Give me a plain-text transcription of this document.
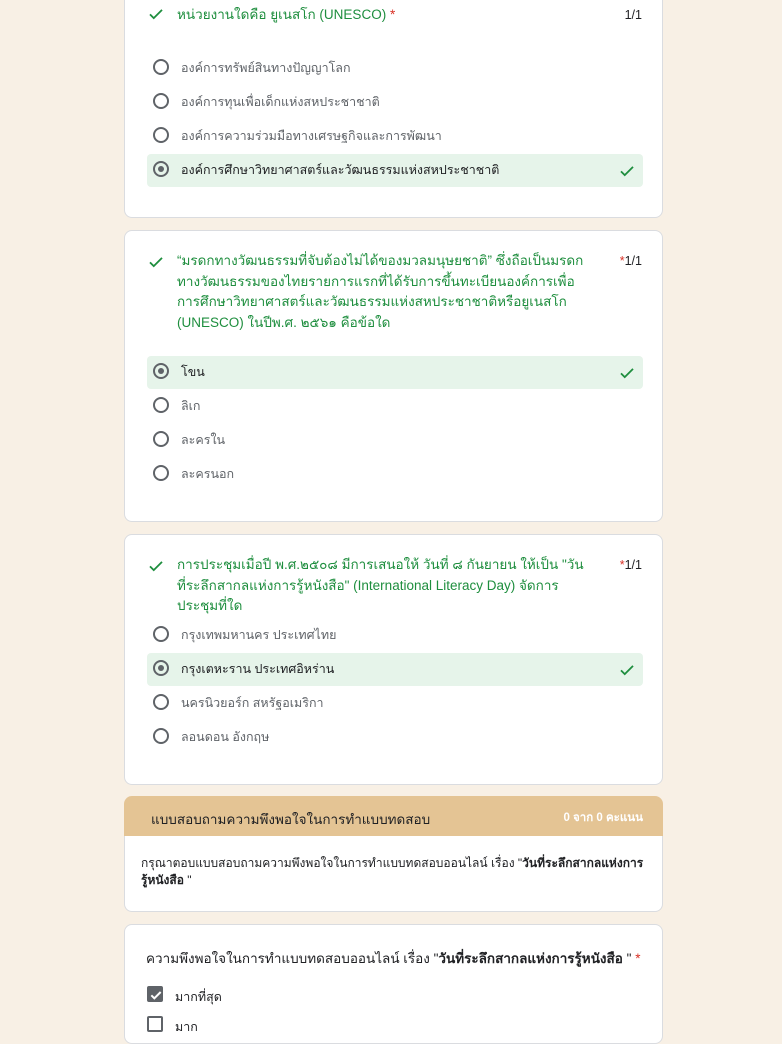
หน่วยงานใดคือ ยูเนสโก (UNESCO) *	1/1
องค์การทรัพย์สินทางปัญญาโลก
องค์การทุนเพื่อเด็กแห่งสหประชาชาติ
องค์การความร่วมมือทางเศรษฐกิจและการพัฒนา
องค์การศึกษาวิทยาศาสตร์และวัฒนธรรมแห่งสหประชาชาติ
“มรดกทางวัฒนธรรมที่จับต้องไม่ได้ของมวลมนุษยชาติ” ซึ่งถือเป็นมรดกทางวัฒนธรรมของไทยรายการแรกที่ได้รับการขึ้นทะเบียนองค์การเพื่อการศึกษาวิทยาศาสตร์และวัฒนธรรมแห่งสหประชาชาติหรือยูเนสโก (UNESCO) ในปีพ.ศ. ๒๕๖๑ คือข้อใด
*1/1
โขน
ลิเก
ละครใน
ละครนอก
การประชุมเมื่อปี พ.ศ.๒๕๐๘ มีการเสนอให้ วันที่ ๘ กันยายน ให้เป็น "วันที่ระลึกสากลแห่งการรู้หนังสือ" (International Literacy Day) จัดการประชุมที่ใด
*1/1
กรุงเทพมหานคร ประเทศไทย
กรุงเตหะราน ประเทศอิหร่าน
นครนิวยอร์ก สหรัฐอเมริกา
ลอนดอน อังกฤษ
แบบสอบถามความพึงพอใจในการทำแบบทดสอบ	0 จาก 0 คะแนน
กรุณาตอบแบบสอบถามความพึงพอใจในการทำแบบทดสอบออนไลน์ เรื่อง "วันที่ระลึกสากลแห่งการรู้หนังสือ "
ความพึงพอใจในการทำแบบทดสอบออนไลน์ เรื่อง "วันที่ระลึกสากลแห่งการรู้หนังสือ " *
มากที่สุด
มาก
